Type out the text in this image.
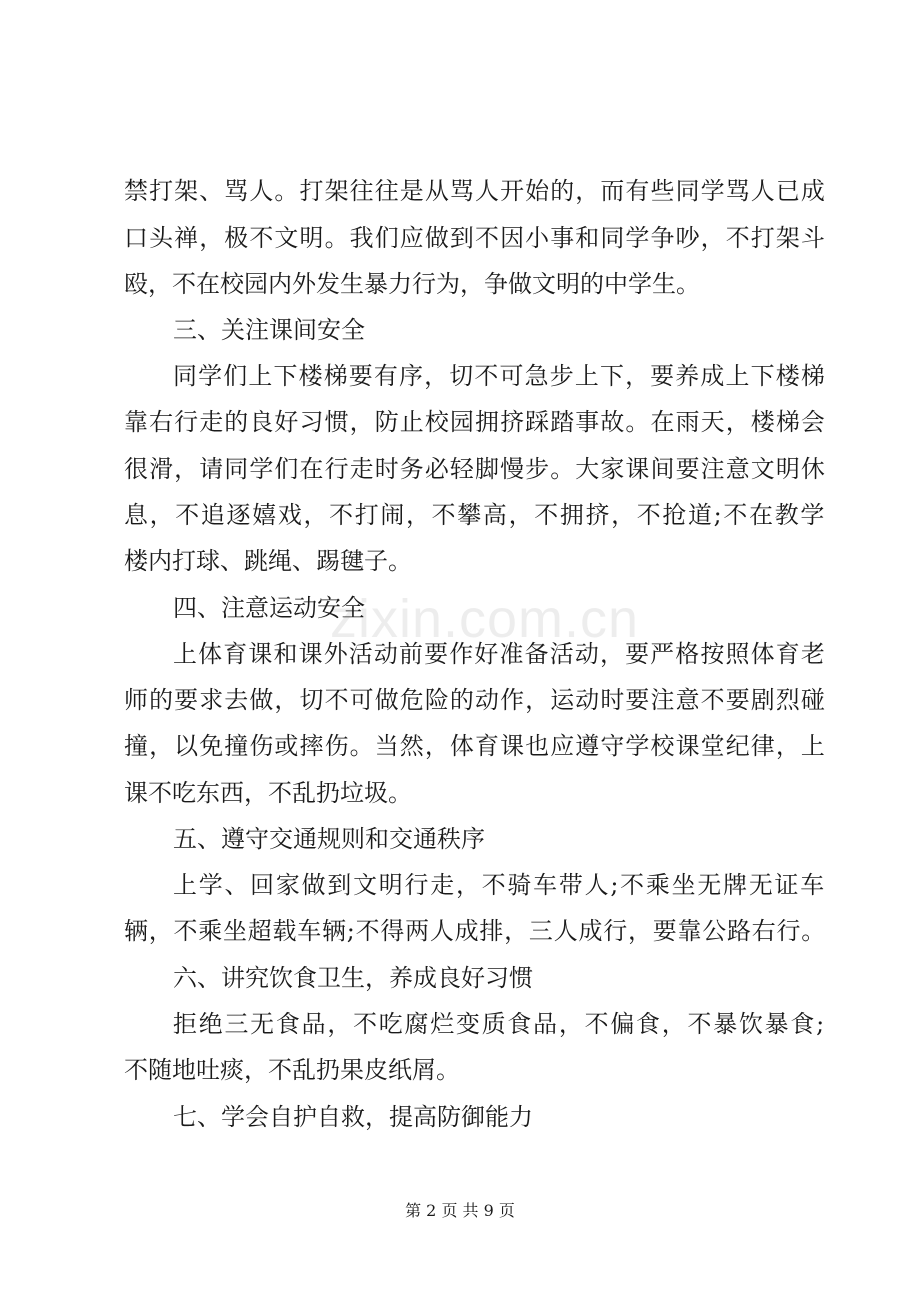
zixin.com.cn
禁打架、骂人。打架往往是从骂人开始的，而有些同学骂人已成
口头禅，极不文明。我们应做到不因小事和同学争吵，不打架斗
殴，不在校园内外发生暴力行为，争做文明的中学生。
三、关注课间安全
同学们上下楼梯要有序，切不可急步上下，要养成上下楼梯
靠右行走的良好习惯，防止校园拥挤踩踏事故。在雨天，楼梯会
很滑，请同学们在行走时务必轻脚慢步。大家课间要注意文明休
息，不追逐嬉戏，不打闹，不攀高，不拥挤，不抢道;不在教学
楼内打球、跳绳、踢毽子。
四、注意运动安全
上体育课和课外活动前要作好准备活动，要严格按照体育老
师的要求去做，切不可做危险的动作，运动时要注意不要剧烈碰
撞，以免撞伤或摔伤。当然，体育课也应遵守学校课堂纪律，上
课不吃东西，不乱扔垃圾。
五、遵守交通规则和交通秩序
上学、回家做到文明行走，不骑车带人;不乘坐无牌无证车
辆，不乘坐超载车辆;不得两人成排，三人成行，要靠公路右行。
六、讲究饮食卫生，养成良好习惯
拒绝三无食品，不吃腐烂变质食品，不偏食，不暴饮暴食;
不随地吐痰，不乱扔果皮纸屑。
七、学会自护自救，提高防御能力
第 2 页 共 9 页
